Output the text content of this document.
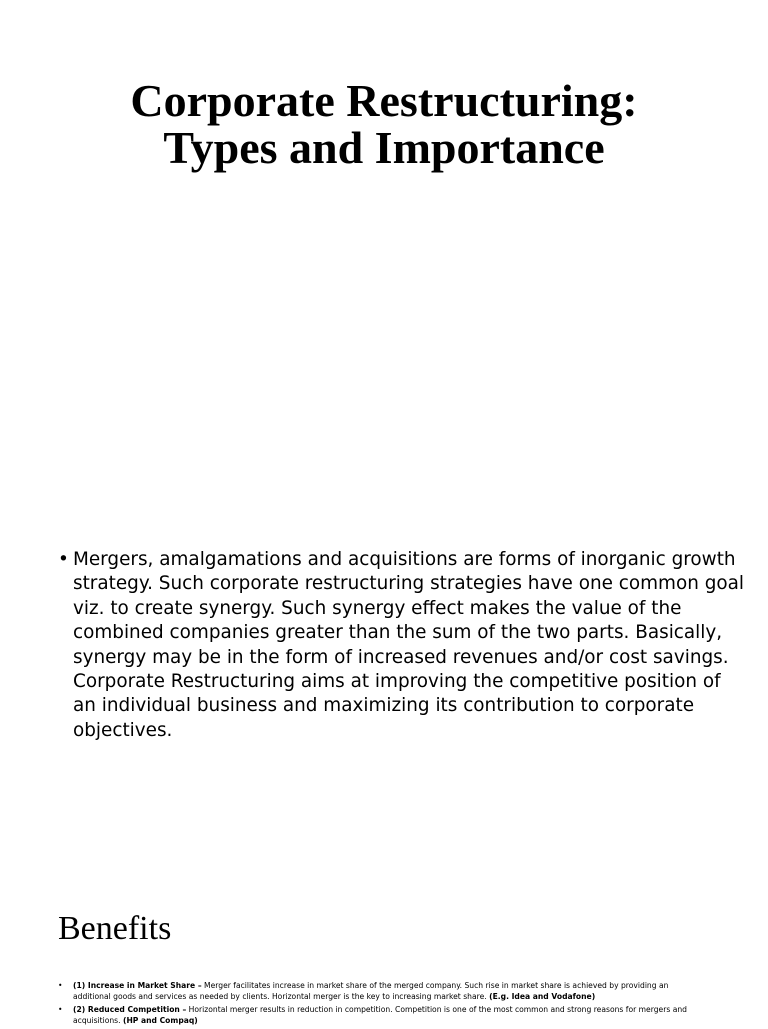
Corporate Restructuring:
Types and Importance
• Mergers, amalgamations and acquisitions are forms of inorganic growth strategy. Such corporate restructuring strategies have one common goal viz. to create synergy. Such synergy effect makes the value of the combined companies greater than the sum of the two parts. Basically, synergy may be in the form of increased revenues and/or cost savings. Corporate Restructuring aims at improving the competitive position of an individual business and maximizing its contribution to corporate objectives.
Benefits
•	(1) Increase in Market Share – Merger facilitates increase in market share of the merged company. Such rise in market share is achieved by providing an additional goods and services as needed by clients. Horizontal merger is the key to increasing market share. (E.g. Idea and Vodafone)
•	(2) Reduced Competition – Horizontal merger results in reduction in competition. Competition is one of the most common and strong reasons for mergers and acquisitions. (HP and Compaq)
